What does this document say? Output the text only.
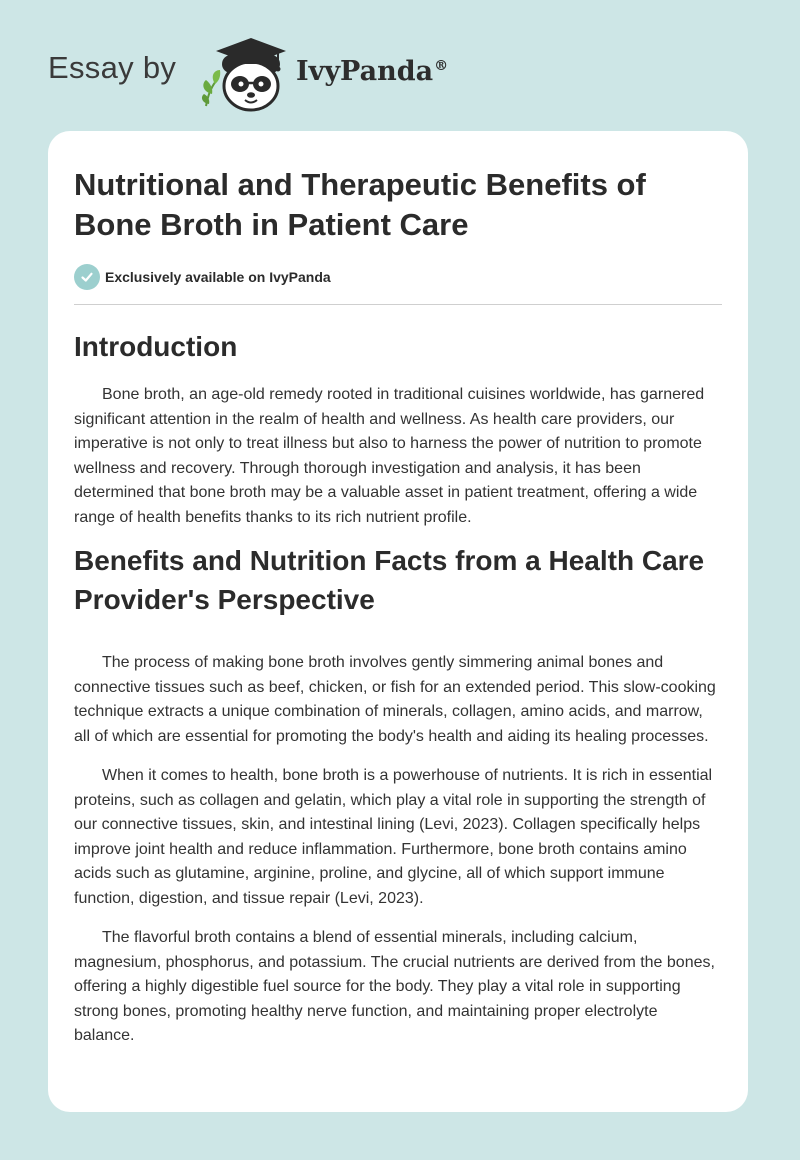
Essay by	IvyPanda®
Nutritional and Therapeutic Benefits of Bone Broth in Patient Care
Exclusively available on IvyPanda
Introduction

Bone broth, an age-old remedy rooted in traditional cuisines worldwide, has garnered significant attention in the realm of health and wellness. As health care providers, our imperative is not only to treat illness but also to harness the power of nutrition to promote wellness and recovery. Through thorough investigation and analysis, it has been determined that bone broth may be a valuable asset in patient treatment, offering a wide range of health benefits thanks to its rich nutrient profile.

Benefits and Nutrition Facts from a Health Care Provider's Perspective

The process of making bone broth involves gently simmering animal bones and connective tissues such as beef, chicken, or fish for an extended period. This slow-cooking technique extracts a unique combination of minerals, collagen, amino acids, and marrow, all of which are essential for promoting the body's health and aiding its healing processes.

When it comes to health, bone broth is a powerhouse of nutrients. It is rich in essential proteins, such as collagen and gelatin, which play a vital role in supporting the strength of our connective tissues, skin, and intestinal lining (Levi, 2023). Collagen specifically helps improve joint health and reduce inflammation. Furthermore, bone broth contains amino acids such as glutamine, arginine, proline, and glycine, all of which support immune function, digestion, and tissue repair (Levi, 2023).

The flavorful broth contains a blend of essential minerals, including calcium, magnesium, phosphorus, and potassium. The crucial nutrients are derived from the bones, offering a highly digestible fuel source for the body. They play a vital role in supporting strong bones, promoting healthy nerve function, and maintaining proper electrolyte balance.
